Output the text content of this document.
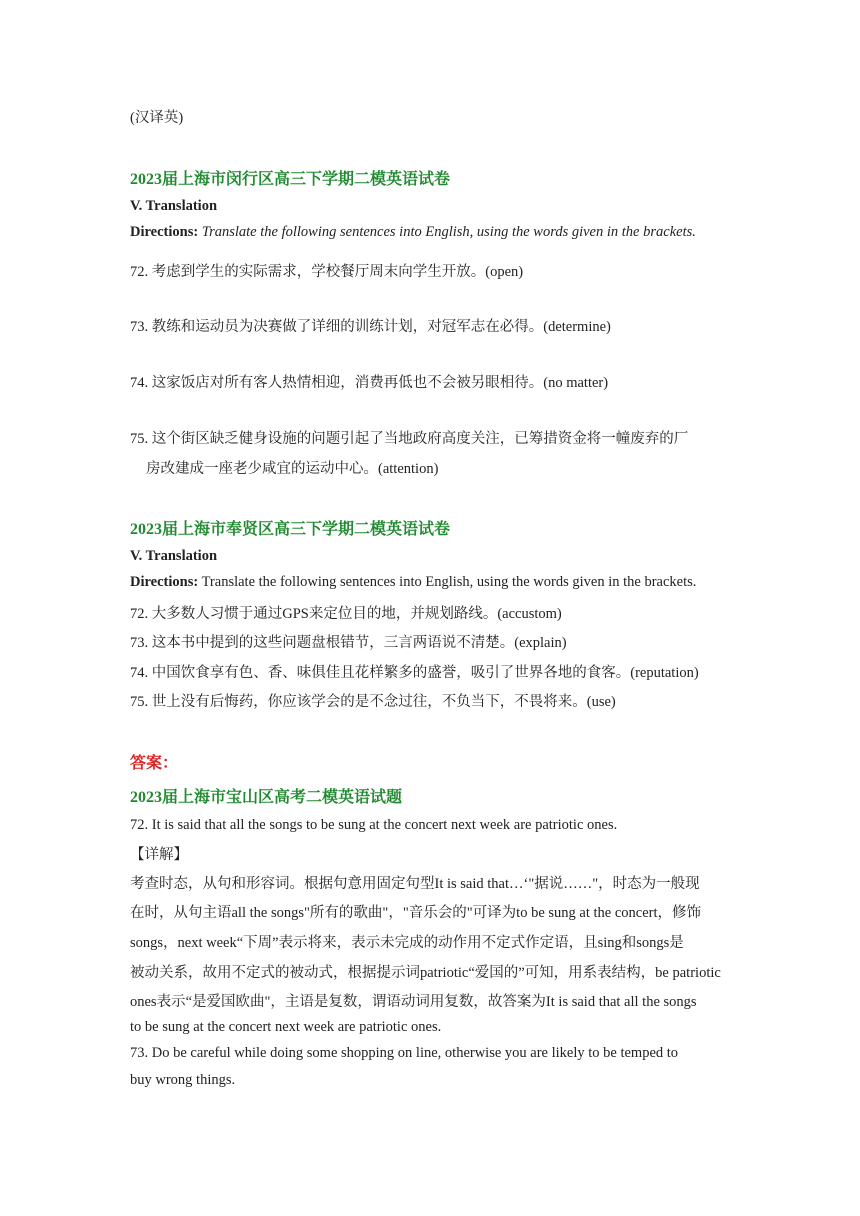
(汉译英)
2023届上海市闵行区高三下学期二模英语试卷
V. Translation
Directions: Translate the following sentences into English, using the words given in the brackets.
72. 考虑到学生的实际需求，学校餐厅周末向学生开放。(open)
73. 教练和运动员为决赛做了详细的训练计划，对冠军志在必得。(determine)
74. 这家饭店对所有客人热情相迎，消费再低也不会被另眼相待。(no matter)
75. 这个街区缺乏健身设施的问题引起了当地政府高度关注，已筹措资金将一幢废弃的厂
房改建成一座老少咸宜的运动中心。(attention)
2023届上海市奉贤区高三下学期二模英语试卷
V. Translation
Directions: Translate the following sentences into English, using the words given in the brackets.
72. 大多数人习惯于通过GPS来定位目的地，并规划路线。(accustom)
73. 这本书中提到的这些问题盘根错节，三言两语说不清楚。(explain)
74. 中国饮食享有色、香、味俱佳且花样繁多的盛誉，吸引了世界各地的食客。(reputation)
75. 世上没有后悔药，你应该学会的是不念过往，不负当下，不畏将来。(use)
答案：
2023届上海市宝山区高考二模英语试题
72. It is said that all the songs to be sung at the concert next week are patriotic ones.
【详解】
考查时态，从句和形容词。根据句意用固定句型It is said that…‘"据说……"，时态为一般现
在时，从句主语all the songs"所有的歌曲"，"音乐会的"可译为to be sung at the concert，修饰
songs，next week“下周”表示将来，表示未完成的动作用不定式作定语，且sing和songs是
被动关系，故用不定式的被动式，根据提示词patriotic“爱国的”可知，用系表结构，be patriotic
ones表示“是爱国欧曲"，主语是复数，谓语动词用复数，故答案为It is said that all the songs
to be sung at the concert next week are patriotic ones.
73. Do be careful while doing some shopping on line, otherwise you are likely to be temped to
buy wrong things.
